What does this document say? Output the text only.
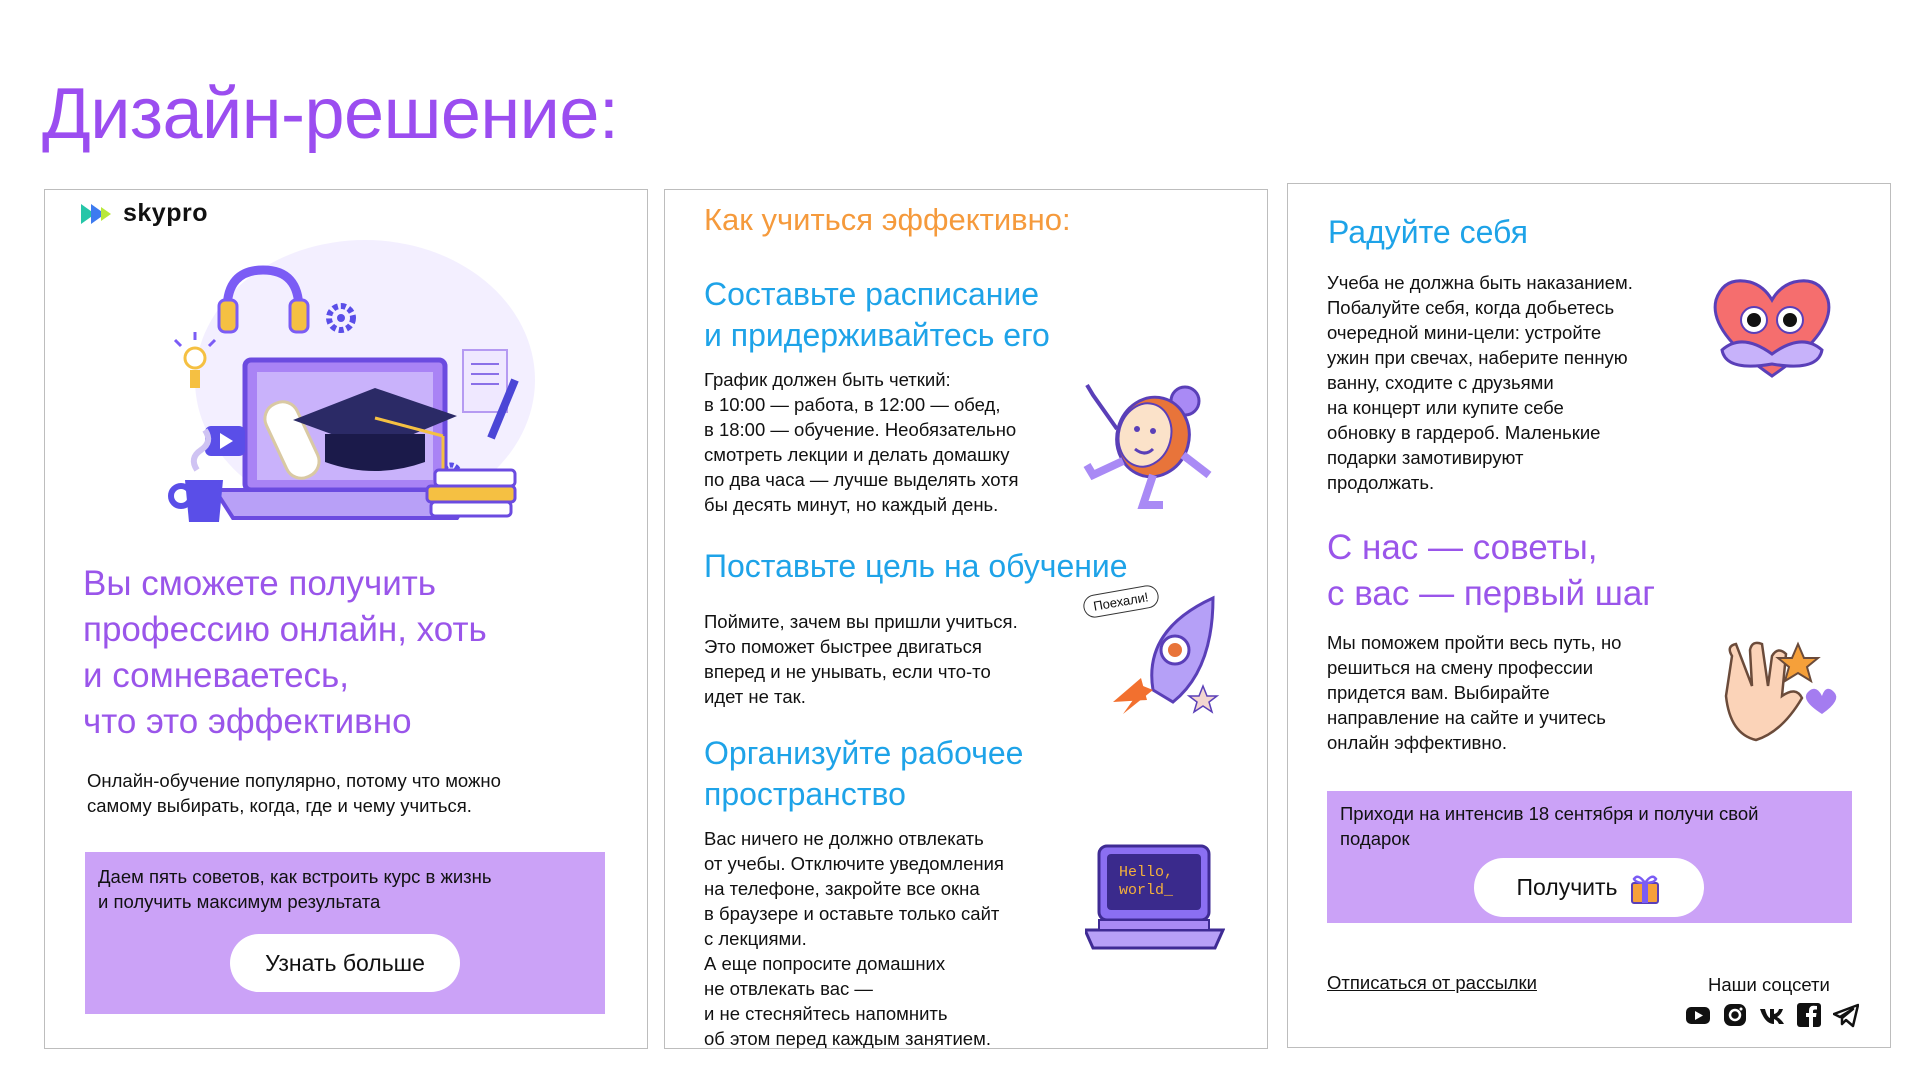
Дизайн-решение:
skypro
Вы сможете получить
профессию онлайн, хоть
и сомневаетесь,
что это эффективно
Онлайн-обучение популярно, потому что можно
самому выбирать, когда, где и чему учиться.
Даем пять советов, как встроить курс в жизнь
и получить максимум результата
Узнать больше
Как учиться эффективно:
Составьте расписание
и придерживайтесь его
График должен быть четкий:
в 10:00 — работа, в 12:00 — обед,
в 18:00 — обучение. Необязательно
смотреть лекции и делать домашку
по два часа — лучше выделять хотя
бы десять минут, но каждый день.
Поставьте цель на обучение
Поймите, зачем вы пришли учиться.
Это поможет быстрее двигаться
вперед и не унывать, если что-то
идет не так.
Поехали!
Организуйте рабочее
пространство
Вас ничего не должно отвлекать
от учебы. Отключите уведомления
на телефоне, закройте все окна
в браузере и оставьте только сайт
с лекциями.
А еще попросите домашних
не отвлекать вас —
и не стесняйтесь напомнить
об этом перед каждым занятием.
Hello,
world_
Радуйте себя
Учеба не должна быть наказанием.
Побалуйте себя, когда добьетесь
очередной мини-цели: устройте
ужин при свечах, наберите пенную
ванну, сходите с друзьями
на концерт или купите себе
обновку в гардероб. Маленькие
подарки замотивируют
продолжать.
С нас — советы,
с вас — первый шаг
Мы поможем пройти весь путь, но
решиться на смену профессии
придется вам. Выбирайте
направление на сайте и учитесь
онлайн эффективно.
Приходи на интенсив 18 сентября и получи свой
подарок
Получить
Отписаться от рассылки	Наши соцсети
